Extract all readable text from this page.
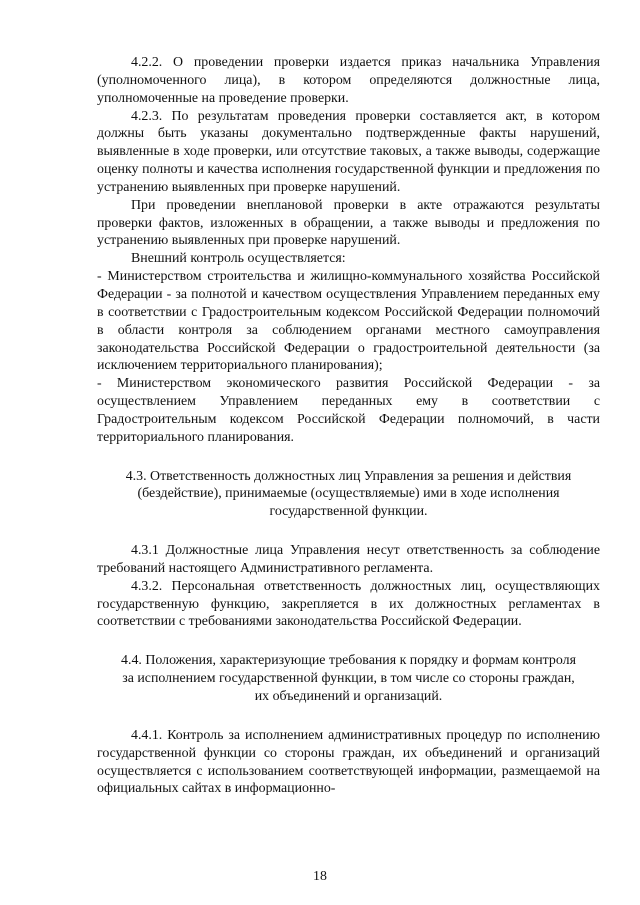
4.2.2. О проведении проверки издается приказ начальника Управления (уполномоченного лица), в котором определяются должностные лица, уполномоченные на проведение проверки.

4.2.3. По результатам проведения проверки составляется акт, в котором должны быть указаны документально подтвержденные факты нарушений, выявленные в ходе проверки, или отсутствие таковых, а также выводы, содержащие оценку полноты и качества исполнения государственной функции и предложения по устранению выявленных при проверке нарушений.

При проведении внеплановой проверки в акте отражаются результаты проверки фактов, изложенных в обращении, а также выводы и предложения по устранению выявленных при проверке нарушений.

Внешний контроль осуществляется:

- Министерством строительства и жилищно-коммунального хозяйства Российской Федерации - за полнотой и качеством осуществления Управлением переданных ему в соответствии с Градостроительным кодексом Российской Федерации полномочий в области контроля за соблюдением органами местного самоуправления законодательства Российской Федерации о градостроительной деятельности (за исключением территориального планирования);

- Министерством экономического развития Российской Федерации - за осуществлением Управлением переданных ему в соответствии с Градостроительным кодексом Российской Федерации полномочий, в части территориального планирования.

4.3. Ответственность должностных лиц Управления за решения и действия (бездействие), принимаемые (осуществляемые) ими в ходе исполнения государственной функции.

4.3.1 Должностные лица Управления несут ответственность за соблюдение требований настоящего Административного регламента.

4.3.2. Персональная ответственность должностных лиц, осуществляющих государственную функцию, закрепляется в их должностных регламентах в соответствии с требованиями законодательства Российской Федерации.

4.4. Положения, характеризующие требования к порядку и формам контроля за исполнением государственной функции, в том числе со стороны граждан, их объединений и организаций.

4.4.1. Контроль за исполнением административных процедур по исполнению государственной функции со стороны граждан, их объединений и организаций осуществляется с использованием соответствующей информации, размещаемой на официальных сайтах в информационно-

18
